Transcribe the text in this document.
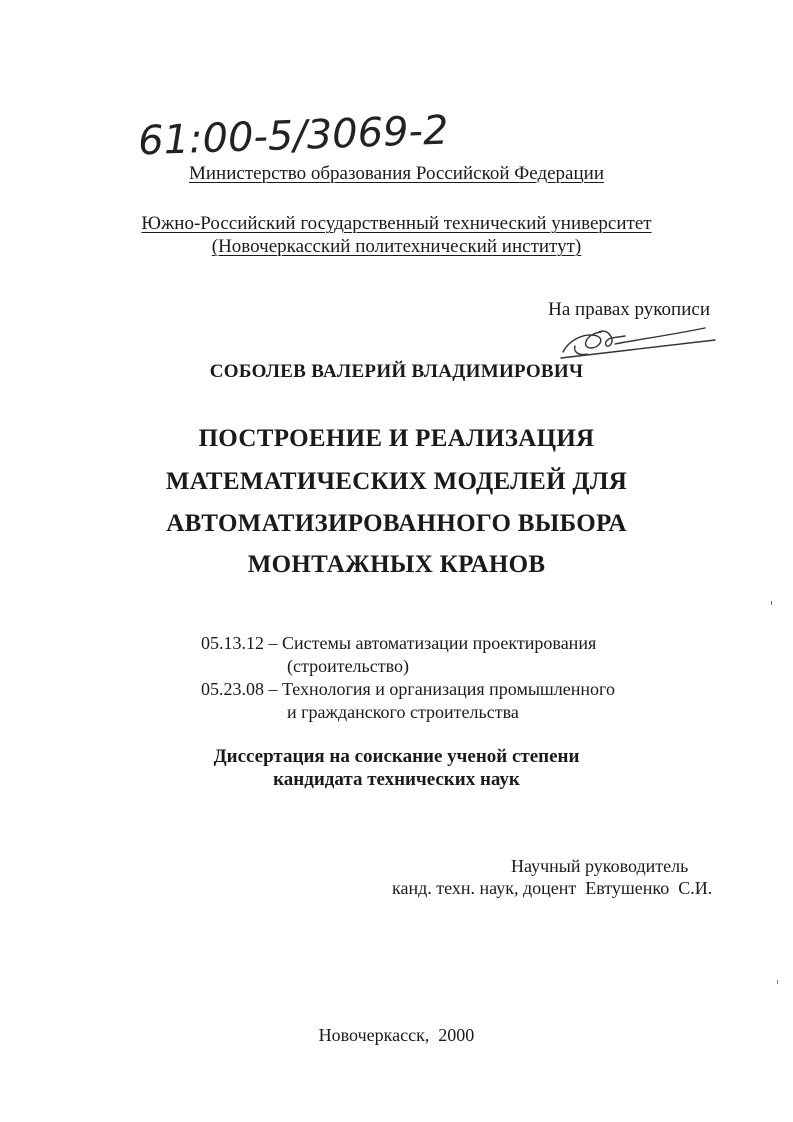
61:00-5/3069-2
Министерство образования Российской Федерации
Южно-Российский государственный технический университет
(Новочеркасский политехнический институт)
На правах рукописи
СОБОЛЕВ ВАЛЕРИЙ ВЛАДИМИРОВИЧ
ПОСТРОЕНИЕ И РЕАЛИЗАЦИЯ
МАТЕМАТИЧЕСКИХ МОДЕЛЕЙ ДЛЯ
АВТОМАТИЗИРОВАННОГО ВЫБОРА
МОНТАЖНЫХ КРАНОВ
05.13.12 – Системы автоматизации проектирования
(строительство)
05.23.08 – Технология и организация промышленного
и гражданского строительства
Диссертация на соискание ученой степени
кандидата технических наук
Научный руководитель
канд. техн. наук, доцент  Евтушенко  С.И.
Новочеркасск,  2000
